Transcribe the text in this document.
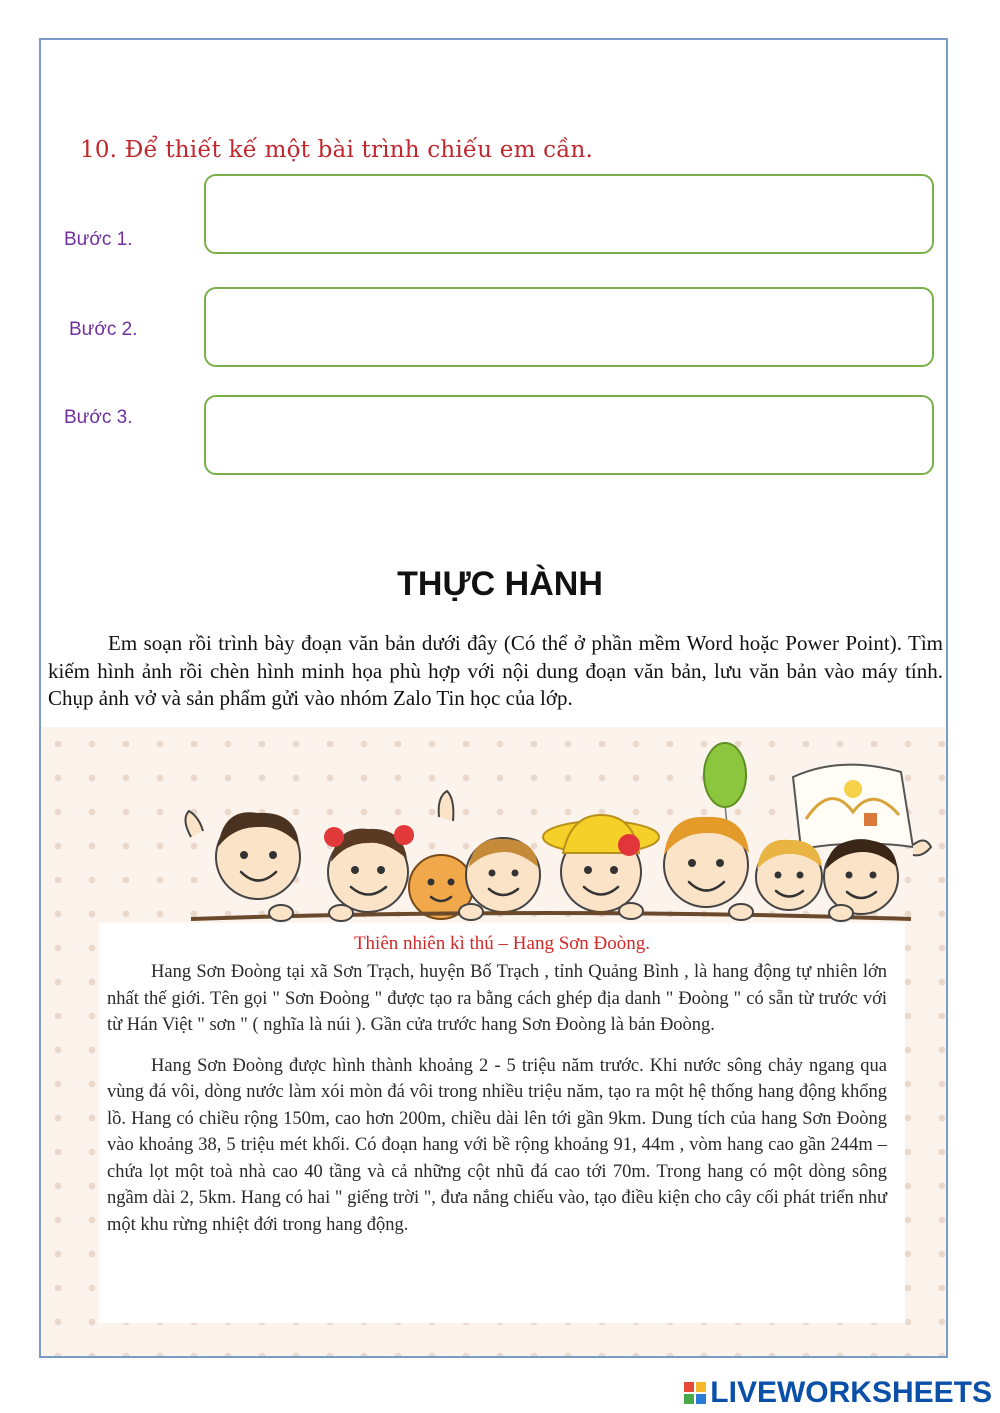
10. Để thiết kế một bài trình chiếu em cần.
Bước 1.
Bước 2.
Bước 3.
THỰC HÀNH
Em soạn rồi trình bày đoạn văn bản dưới đây (Có thể ở phần mềm Word hoặc Power Point). Tìm kiếm hình ảnh rồi chèn hình minh họa phù hợp với nội dung đoạn văn bản, lưu văn bản vào máy tính. Chụp ảnh vở và sản phẩm gửi vào nhóm Zalo Tin học của lớp.
Thiên nhiên kì thú – Hang Sơn Đoòng.

Hang Sơn Đoòng tại xã Sơn Trạch, huyện Bố Trạch , tỉnh Quảng Bình , là hang động tự nhiên lớn nhất thế giới. Tên gọi " Sơn Đoòng " được tạo ra bằng cách ghép địa danh " Đoòng " có sẵn từ trước với từ Hán Việt " sơn " ( nghĩa là núi ). Gần cửa trước hang Sơn Đoòng là bản Đoòng.

Hang Sơn Đoòng được hình thành khoảng 2 - 5 triệu năm trước. Khi nước sông chảy ngang qua vùng đá vôi, dòng nước làm xói mòn đá vôi trong nhiều triệu năm, tạo ra một hệ thống hang động khổng lồ. Hang có chiều rộng 150m, cao hơn 200m, chiều dài lên tới gần 9km. Dung tích của hang Sơn Đoòng vào khoảng 38, 5 triệu mét khối. Có đoạn hang với bề rộng khoảng 91, 44m , vòm hang cao gần 244m – chứa lọt một toà nhà cao 40 tầng và cả những cột nhũ đá cao tới 70m. Trong hang có một dòng sông ngầm dài 2, 5km. Hang có hai " giếng trời ", đưa nắng chiếu vào, tạo điều kiện cho cây cối phát triển như một khu rừng nhiệt đới trong hang động.

LIVEWORKSHEETS
